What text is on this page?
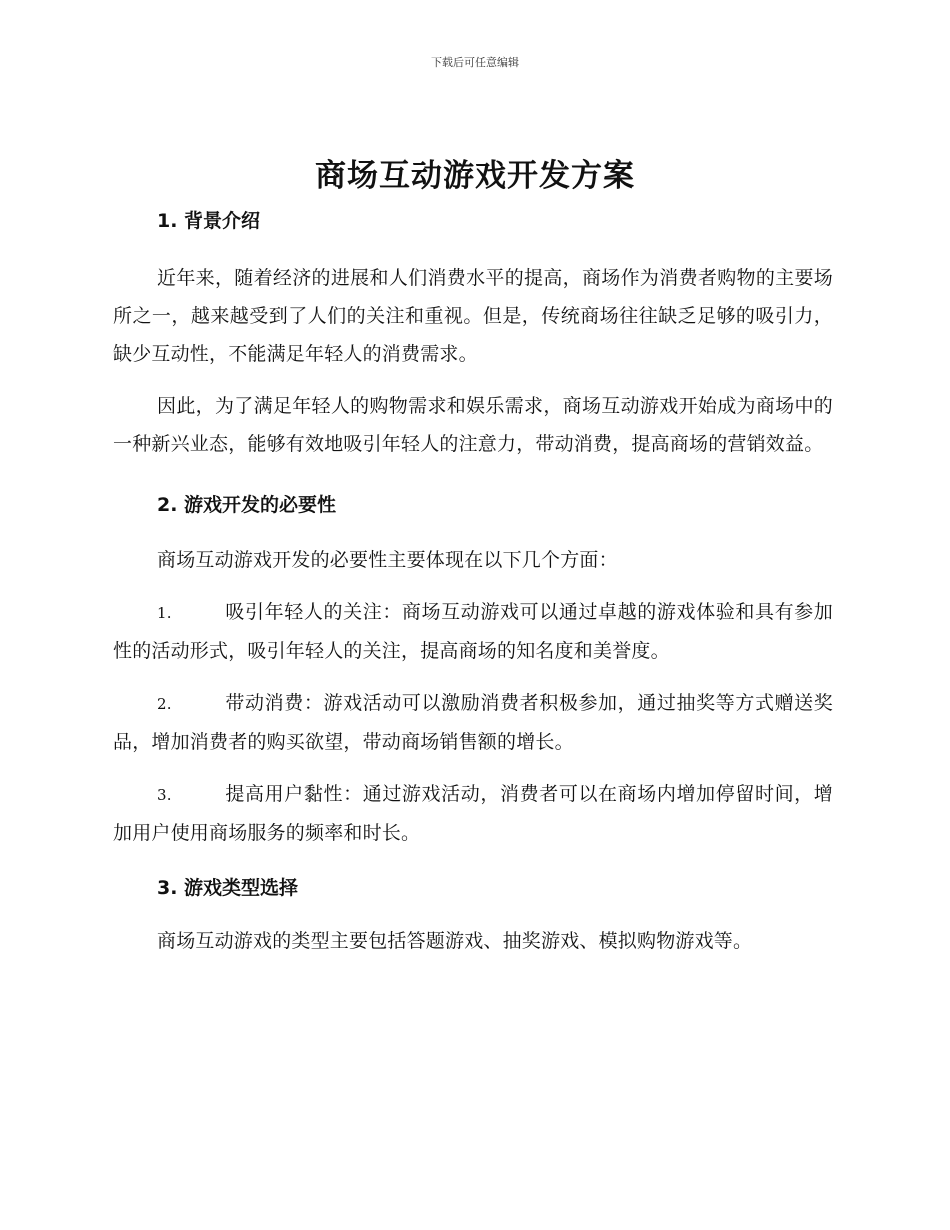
下载后可任意编辑
商场互动游戏开发方案
1. 背景介绍

近年来，随着经济的进展和人们消费水平的提高，商场作为消费者购物的主要场所之一，越来越受到了人们的关注和重视。但是，传统商场往往缺乏足够的吸引力，缺少互动性，不能满足年轻人的消费需求。

因此，为了满足年轻人的购物需求和娱乐需求，商场互动游戏开始成为商场中的一种新兴业态，能够有效地吸引年轻人的注意力，带动消费，提高商场的营销效益。

2. 游戏开发的必要性

商场互动游戏开发的必要性主要体现在以下几个方面：

1.	吸引年轻人的关注：商场互动游戏可以通过卓越的游戏体验和具有参加性的活动形式，吸引年轻人的关注，提高商场的知名度和美誉度。

2.	带动消费：游戏活动可以激励消费者积极参加，通过抽奖等方式赠送奖品，增加消费者的购买欲望，带动商场销售额的增长。

3.	提高用户黏性：通过游戏活动，消费者可以在商场内增加停留时间，增加用户使用商场服务的频率和时长。

3. 游戏类型选择

商场互动游戏的类型主要包括答题游戏、抽奖游戏、模拟购物游戏等。
